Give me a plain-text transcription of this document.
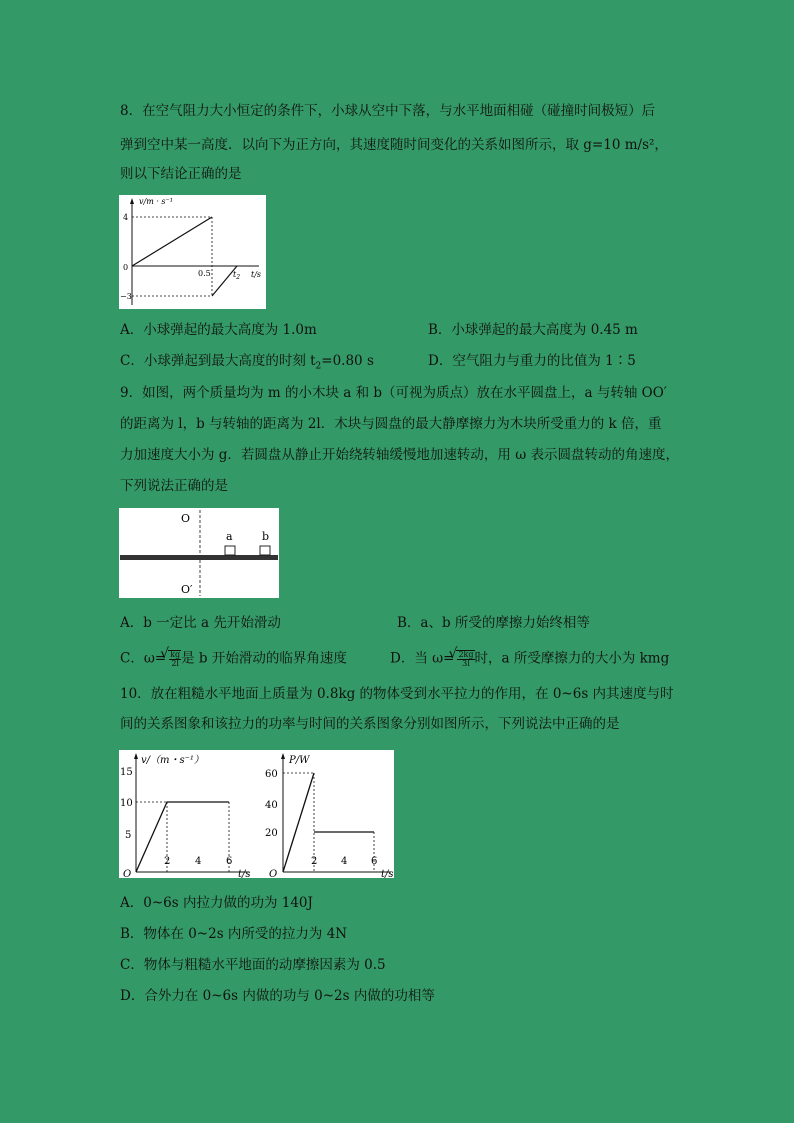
8．在空气阻力大小恒定的条件下，小球从空中下落，与水平地面相碰（碰撞时间极短）后
弹到空中某一高度．以向下为正方向，其速度随时间变化的关系如图所示，取 g=10 m/s²，
则以下结论正确的是
v/m · s⁻¹
4
0
−3
0.5	$t_2$ t/s
A．小球弹起的最大高度为 1.0m	B．小球弹起的最大高度为 0.45 m
C．小球弹起到最大高度的时刻 $t_2=0.80$ s	D．空气阻力与重力的比值为 1∶5
9．如图，两个质量均为 m 的小木块 a 和 b（可视为质点）放在水平圆盘上，a 与转轴 OO′
的距离为 l，b 与转轴的距离为 2l．木块与圆盘的最大静摩擦力为木块所受重力的 k 倍，重
力加速度大小为 g．若圆盘从静止开始绕转轴缓慢地加速转动，用 ω 表示圆盘转动的角速度，
下列说法正确的是
O
O′
a	b
A．b 一定比 a 先开始滑动	B．a、b 所受的摩擦力始终相等
C．ω= √ $\frac{kg}{2l}$ 是 b 开始滑动的临界角速度	D．当 ω= √ $\frac{2kg}{3l}$ 时，a 所受摩擦力的大小为 kmg
10．放在粗糙水平地面上质量为 0.8kg 的物体受到水平拉力的作用，在 0~6s 内其速度与时
间的关系图象和该拉力的功率与时间的关系图象分别如图所示，下列说法中正确的是
v/（m・s⁻¹）
15
10
5
2 4 6
O	t/s
P/W
60
40
20
2 4 6
O	t/s
A．0~6s 内拉力做的功为 140J
B．物体在 0~2s 内所受的拉力为 4N
C．物体与粗糙水平地面的动摩擦因素为 0.5
D．合外力在 0~6s 内做的功与 0~2s 内做的功相等
